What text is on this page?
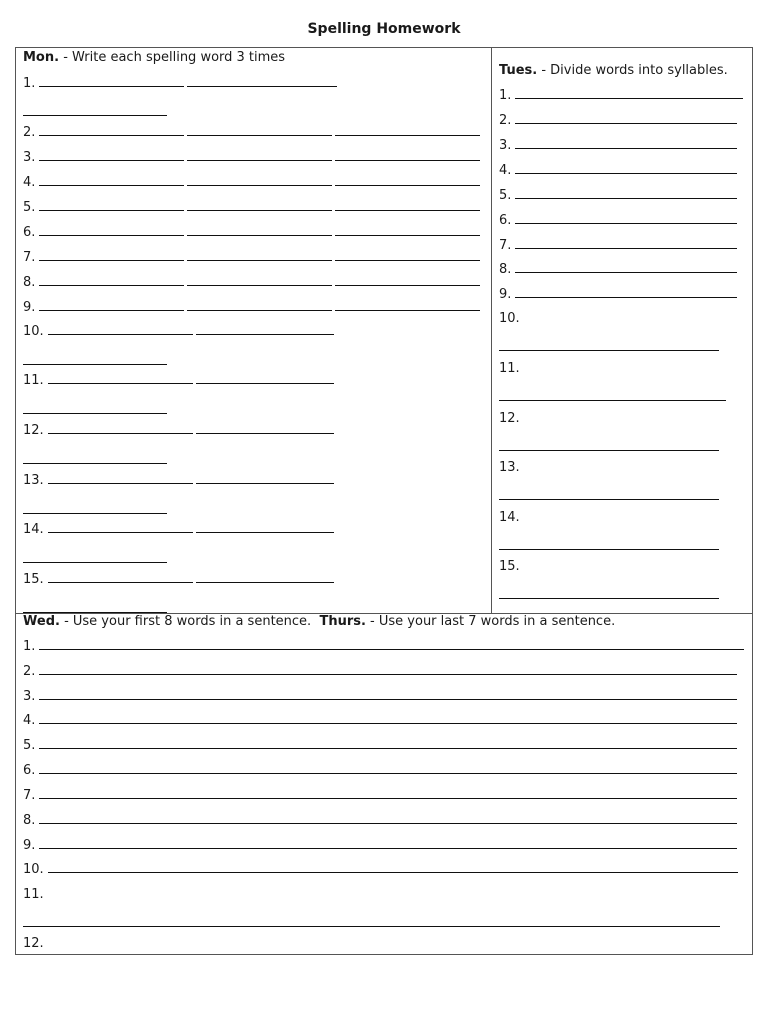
Spelling Homework
Mon. - Write each spelling word 3 times
1.
2.
3.
4.
5.
6.
7.
8.
9.
10.
11.
12.
13.
14.
15.
Tues. - Divide words into syllables.
1.
2.
3.
4.
5.
6.
7.
8.
9.
10.
11.
12.
13.
14.
15.
Wed. - Use your first 8 words in a sentence. Thurs. - Use your last 7 words in a sentence.
1.
2.
3.
4.
5.
6.
7.
8.
9.
10.
11.
12.
